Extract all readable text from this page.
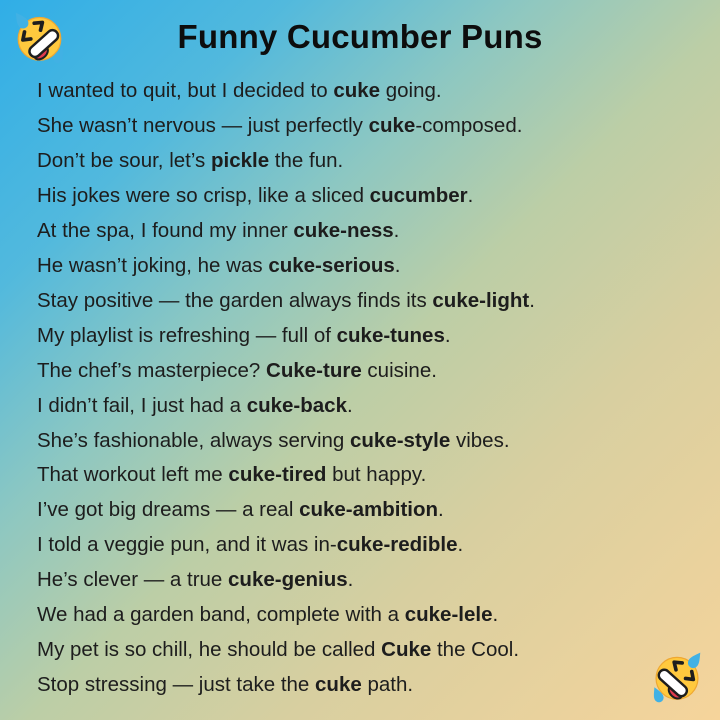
Funny Cucumber Puns

I wanted to quit, but I decided to cuke going.

She wasn’t nervous — just perfectly cuke-composed.

Don’t be sour, let’s pickle the fun.

His jokes were so crisp, like a sliced cucumber.

At the spa, I found my inner cuke-ness.

He wasn’t joking, he was cuke-serious.

Stay positive — the garden always finds its cuke-light.

My playlist is refreshing — full of cuke-tunes.

The chef’s masterpiece? Cuke-ture cuisine.

I didn’t fail, I just had a cuke-back.

She’s fashionable, always serving cuke-style vibes.

That workout left me cuke-tired but happy.

I’ve got big dreams — a real cuke-ambition.

I told a veggie pun, and it was in-cuke-redible.

He’s clever — a true cuke-genius.

We had a garden band, complete with a cuke-lele.

My pet is so chill, he should be called Cuke the Cool.

Stop stressing — just take the cuke path.
